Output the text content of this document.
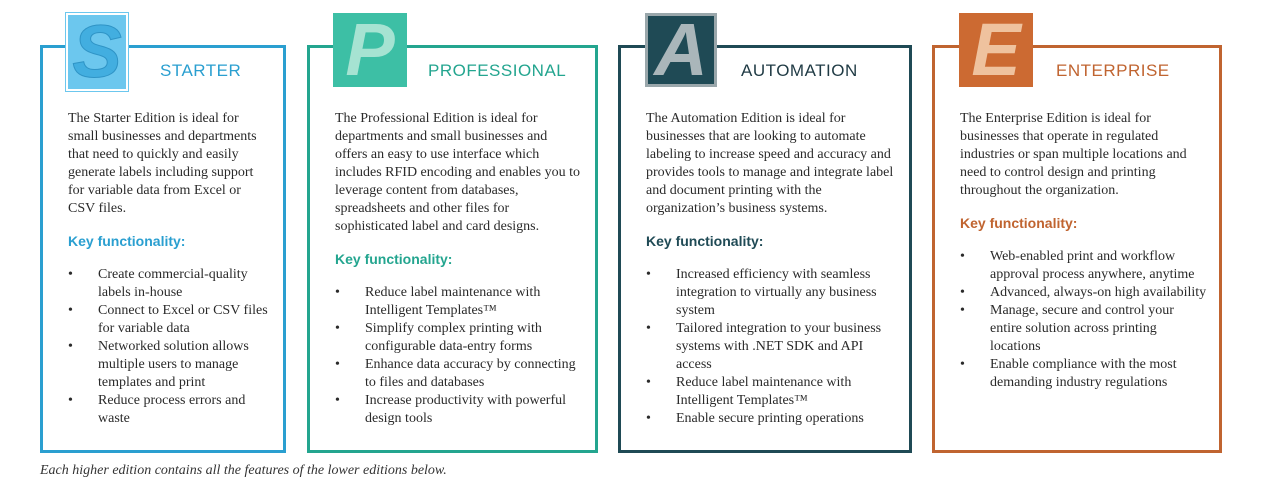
The Starter Edition is ideal for small businesses and departments that need to quickly and easily generate labels including support for variable data from Excel or CSV files.

Key functionality:
• Create commercial-quality labels in-house
• Connect to Excel or CSV files for variable data
• Networked solution allows multiple users to manage templates and print
• Reduce process errors and waste
S STARTER

The Professional Edition is ideal for departments and small businesses and offers an easy to use interface which includes RFID encoding and enables you to leverage content from databases, spreadsheets and other files for sophisticated label and card designs.

Key functionality:
• Reduce label maintenance with Intelligent Templates™
• Simplify complex printing with configurable data-entry forms
• Enhance data accuracy by connecting to files and databases
• Increase productivity with powerful design tools
P PROFESSIONAL

The Automation Edition is ideal for businesses that are looking to automate labeling to increase speed and accuracy and provides tools to manage and integrate label and document printing with the organization’s business systems.

Key functionality:
• Increased efficiency with seamless integration to virtually any business system
• Tailored integration to your business systems with .NET SDK and API access
• Reduce label maintenance with Intelligent Templates™
• Enable secure printing operations
A AUTOMATION

The Enterprise Edition is ideal for businesses that operate in regulated industries or span multiple locations and need to control design and printing throughout the organization.

Key functionality:
• Web-enabled print and workflow approval process anywhere, anytime
• Advanced, always-on high availability
• Manage, secure and control your entire solution across printing locations
• Enable compliance with the most demanding industry regulations
E ENTERPRISE
Each higher edition contains all the features of the lower editions below.
